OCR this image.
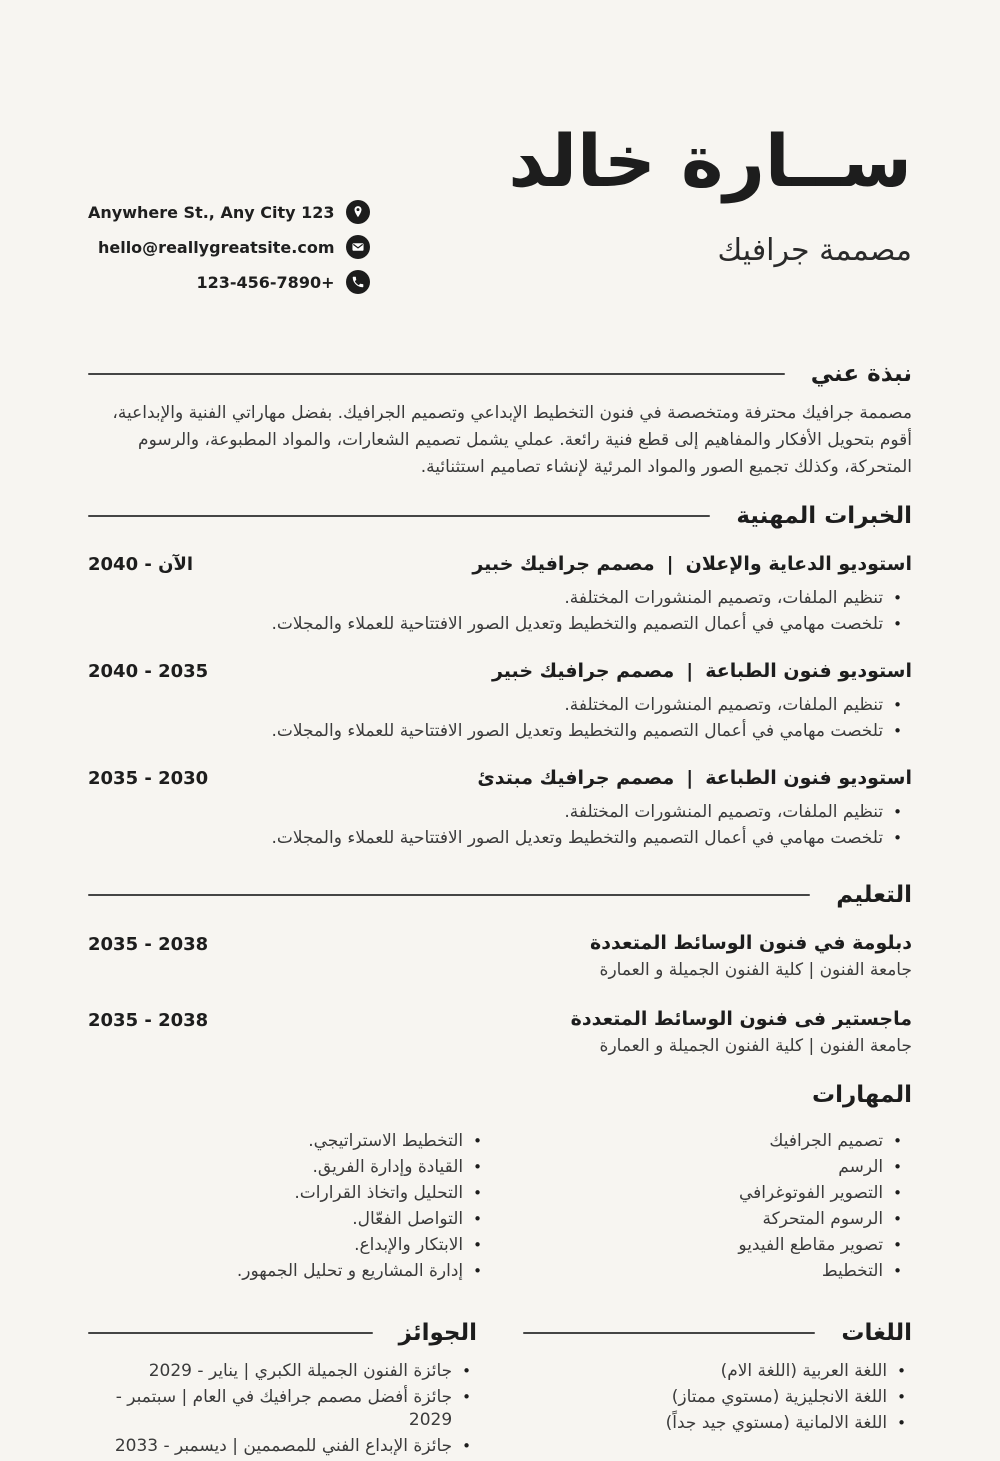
ســارة خالد
مصممة جرافيك
Anywhere St., Any City 123
hello@reallygreatsite.com
123-456-7890+
نبذة عني

مصممة جرافيك محترفة ومتخصصة في فنون التخطيط الإبداعي وتصميم الجرافيك. بفضل مهاراتي الفنية والإبداعية، أقوم بتحويل الأفكار والمفاهيم إلى قطع فنية رائعة. عملي يشمل تصميم الشعارات، والمواد المطبوعة، والرسوم المتحركة، وكذلك تجميع الصور والمواد المرئية لإنشاء تصاميم استثنائية.

الخبرات المهنية
استوديو الدعاية والإعلان|مصمم جرافيك خبير
الآن - 2040
• تنظيم الملفات، وتصميم المنشورات المختلفة.
• تلخصت مهامي في أعمال التصميم والتخطيط وتعديل الصور الافتتاحية للعملاء والمجلات.
استوديو فنون الطباعة|مصمم جرافيك خبير
2040 - 2035
• تنظيم الملفات، وتصميم المنشورات المختلفة.
• تلخصت مهامي في أعمال التصميم والتخطيط وتعديل الصور الافتتاحية للعملاء والمجلات.
استوديو فنون الطباعة|مصمم جرافيك مبتدئ
2035 - 2030
• تنظيم الملفات، وتصميم المنشورات المختلفة.
• تلخصت مهامي في أعمال التصميم والتخطيط وتعديل الصور الافتتاحية للعملاء والمجلات.
التعليم
دبلومة في فنون الوسائط المتعددة
جامعة الفنون | كلية الفنون الجميلة و العمارة
2035 - 2038
ماجستير فى فنون الوسائط المتعددة
جامعة الفنون | كلية الفنون الجميلة و العمارة
2035 - 2038
المهارات
• تصميم الجرافيك
• الرسم
• التصوير الفوتوغرافي
• الرسوم المتحركة
• تصوير مقاطع الفيديو
• التخطيط
• التخطيط الاستراتيجي.
• القيادة وإدارة الفريق.
• التحليل واتخاذ القرارات.
• التواصل الفعّال.
• الابتكار والإبداع.
• إدارة المشاريع و تحليل الجمهور.
اللغات
• اللغة العربية (اللغة الام)
• اللغة الانجليزية (مستوي ممتاز)
• اللغة الالمانية (مستوي جيد جداً)
الجوائز
• جائزة الفنون الجميلة الكبري | يناير - 2029
• جائزة أفضل مصمم جرافيك في العام | سبتمبر - 2029
• جائزة الإبداع الفني للمصممين | ديسمبر - 2033
